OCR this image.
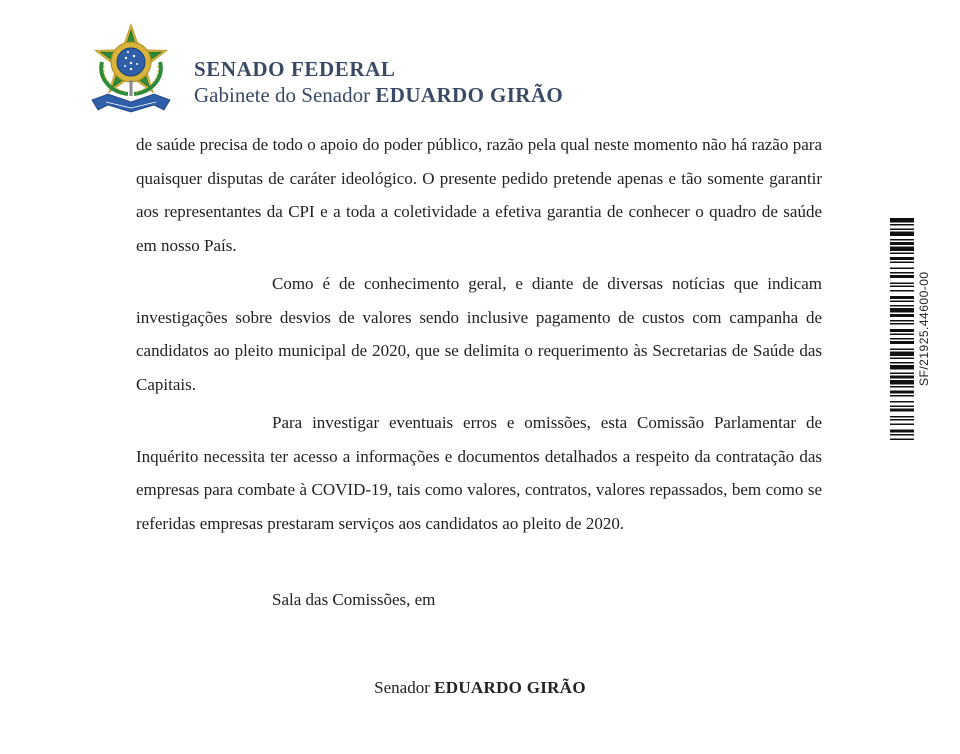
SENADO FEDERAL
Gabinete do Senador EDUARDO GIRÃO

de saúde precisa de todo o apoio do poder público, razão pela qual neste momento não há razão para quaisquer disputas de caráter ideológico. O presente pedido pretende apenas e tão somente garantir aos representantes da CPI e a toda a coletividade a efetiva garantia de conhecer o quadro de saúde em nosso País.

Como é de conhecimento geral, e diante de diversas notícias que indicam investigações sobre desvios de valores sendo inclusive pagamento de custos com campanha de candidatos ao pleito municipal de 2020, que se delimita o requerimento às Secretarias de Saúde das Capitais.

Para investigar eventuais erros e omissões, esta Comissão Parlamentar de Inquérito necessita ter acesso a informações e documentos detalhados a respeito da contratação das empresas para combate à COVID-19, tais como valores, contratos, valores repassados, bem como se referidas empresas prestaram serviços aos candidatos ao pleito de 2020.

Sala das Comissões, em
Senador EDUARDO GIRÃO
SF/21925.44600-00
